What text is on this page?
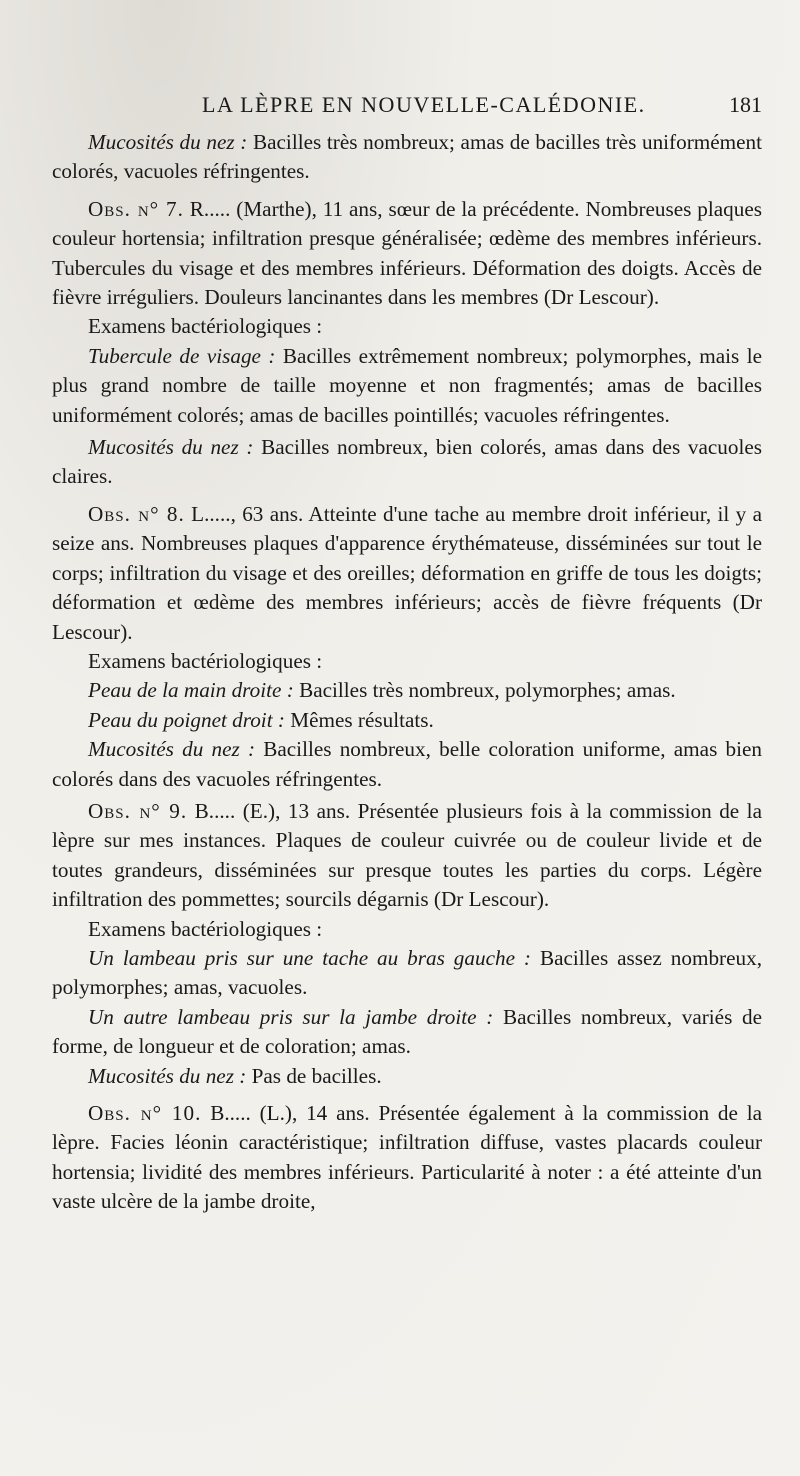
LA LÈPRE EN NOUVELLE-CALÉDONIE.	181

Mucosités du nez : Bacilles très nombreux; amas de bacilles très uniformément colorés, vacuoles réfringentes.

Obs. n° 7. R..... (Marthe), 11 ans, sœur de la précédente. Nombreuses plaques couleur hortensia; infiltration presque généralisée; œdème des membres inférieurs. Tubercules du visage et des membres inférieurs. Déformation des doigts. Accès de fièvre irréguliers. Douleurs lancinantes dans les membres (Dr Lescour).

Examens bactériologiques :

Tubercule de visage : Bacilles extrêmement nombreux; polymorphes, mais le plus grand nombre de taille moyenne et non fragmentés; amas de bacilles uniformément colorés; amas de bacilles pointillés; vacuoles réfringentes.

Mucosités du nez : Bacilles nombreux, bien colorés, amas dans des vacuoles claires.

Obs. n° 8. L....., 63 ans. Atteinte d'une tache au membre droit inférieur, il y a seize ans. Nombreuses plaques d'apparence érythémateuse, disséminées sur tout le corps; infiltration du visage et des oreilles; déformation en griffe de tous les doigts; déformation et œdème des membres inférieurs; accès de fièvre fréquents (Dr Lescour).

Examens bactériologiques :

Peau de la main droite : Bacilles très nombreux, polymorphes; amas.

Peau du poignet droit : Mêmes résultats.

Mucosités du nez : Bacilles nombreux, belle coloration uniforme, amas bien colorés dans des vacuoles réfringentes.

Obs. n° 9. B..... (E.), 13 ans. Présentée plusieurs fois à la commission de la lèpre sur mes instances. Plaques de couleur cuivrée ou de couleur livide et de toutes grandeurs, disséminées sur presque toutes les parties du corps. Légère infiltration des pommettes; sourcils dégarnis (Dr Lescour).

Examens bactériologiques :

Un lambeau pris sur une tache au bras gauche : Bacilles assez nombreux, polymorphes; amas, vacuoles.

Un autre lambeau pris sur la jambe droite : Bacilles nombreux, variés de forme, de longueur et de coloration; amas.

Mucosités du nez : Pas de bacilles.

Obs. n° 10. B..... (L.), 14 ans. Présentée également à la commission de la lèpre. Facies léonin caractéristique; infiltration diffuse, vastes placards couleur hortensia; lividité des membres inférieurs. Particularité à noter : a été atteinte d'un vaste ulcère de la jambe droite,
